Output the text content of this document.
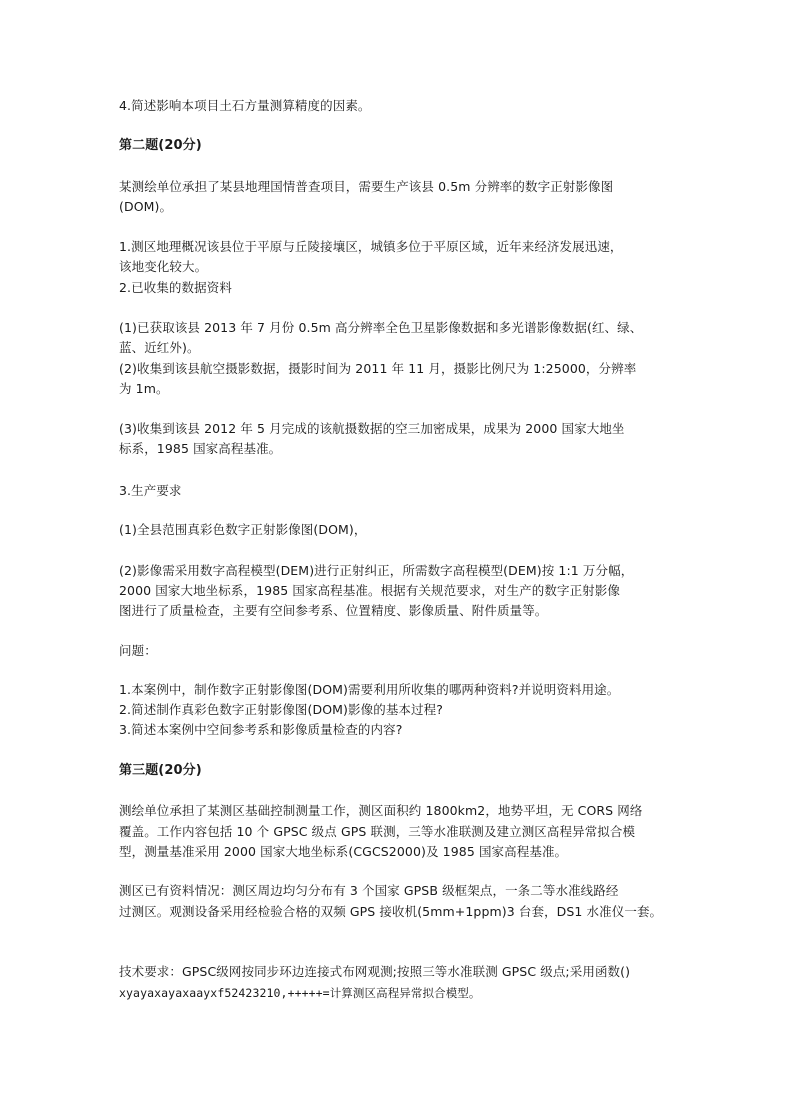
4.简述影响本项目土石方量测算精度的因素。
第二题(20分)
某测绘单位承担了某县地理国情普查项目，需要生产该县 0.5m 分辨率的数字正射影像图
(DOM)。
1.测区地理概况该县位于平原与丘陵接壤区，城镇多位于平原区域，近年来经济发展迅速，
该地变化较大。
2.已收集的数据资料
(1)已获取该县 2013 年 7 月份 0.5m 高分辨率全色卫星影像数据和多光谱影像数据(红、绿、
蓝、近红外)。
(2)收集到该县航空摄影数据，摄影时间为 2011 年 11 月，摄影比例尺为 1:25000，分辨率
为 1m。
(3)收集到该县 2012 年 5 月完成的该航摄数据的空三加密成果，成果为 2000 国家大地坐
标系，1985 国家高程基准。
3.生产要求
(1)全县范围真彩色数字正射影像图(DOM)，
(2)影像需采用数字高程模型(DEM)进行正射纠正，所需数字高程模型(DEM)按 1:1 万分幅，
2000 国家大地坐标系，1985 国家高程基准。根据有关规范要求，对生产的数字正射影像
图进行了质量检查，主要有空间参考系、位置精度、影像质量、附件质量等。
问题：
1.本案例中，制作数字正射影像图(DOM)需要利用所收集的哪两种资料?并说明资料用途。
2.简述制作真彩色数字正射影像图(DOM)影像的基本过程?
3.简述本案例中空间参考系和影像质量检查的内容?
第三题(20分)
测绘单位承担了某测区基础控制测量工作，测区面积约 1800km2，地势平坦，无 CORS 网络
覆盖。工作内容包括 10 个 GPSC 级点 GPS 联测，三等水准联测及建立测区高程异常拟合模
型，测量基准采用 2000 国家大地坐标系(CGCS2000)及 1985 国家高程基准。
测区已有资料情况：测区周边均匀分布有 3 个国家 GPSB 级框架点，一条二等水准线路经
过测区。观测设备采用经检验合格的双频 GPS 接收机(5mm+1ppm)3 台套，DS1 水准仪一套。
技术要求：GPSC级网按同步环边连接式布网观测;按照三等水准联测 GPSC 级点;采用函数()
xyayaxayaxaayxf52423210,+++++=计算测区高程异常拟合模型。
